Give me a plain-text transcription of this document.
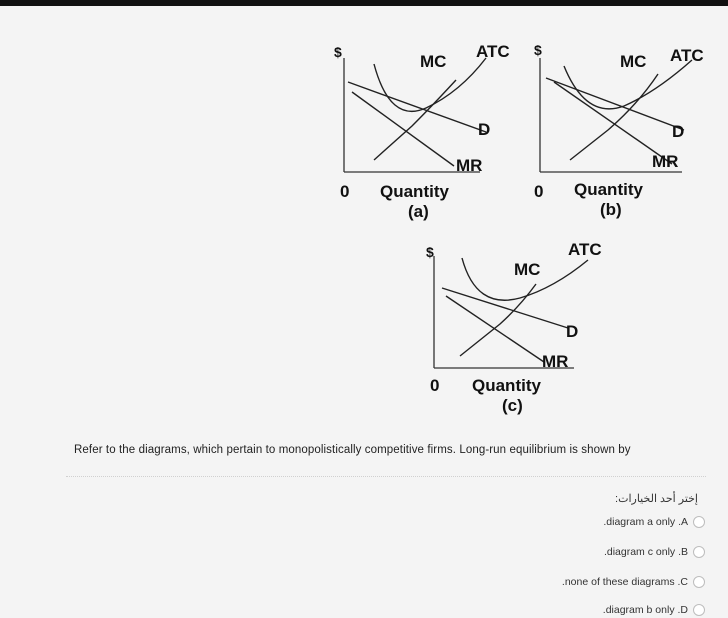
$
0 Quantity
(a)
MC
ATC
D
MR
$
0 Quantity
(b)
MC ATC
D
MR
$
0 Quantity
(c)
MC
ATC
D
MR
Refer to the diagrams, which pertain to monopolistically competitive firms. Long-run equilibrium is shown by
إختر أحد الخيارات:
.diagram a only .A
.diagram c only .B
.none of these diagrams .C
.diagram b only .D
